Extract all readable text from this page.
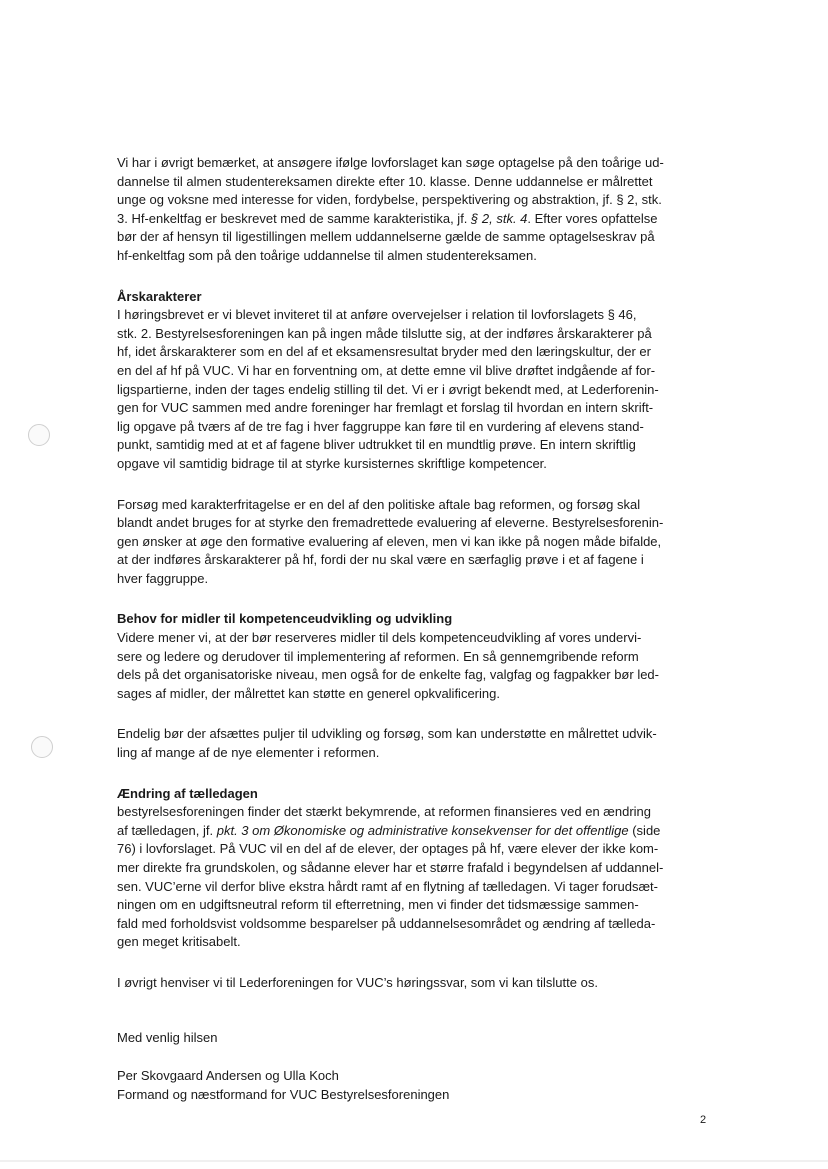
Vi har i øvrigt bemærket, at ansøgere ifølge lovforslaget kan søge optagelse på den toårige ud-
dannelse til almen studentereksamen direkte efter 10. klasse. Denne uddannelse er målrettet
unge og voksne med interesse for viden, fordybelse, perspektivering og abstraktion, jf. § 2, stk.
3. Hf-enkeltfag er beskrevet med de samme karakteristika, jf. § 2, stk. 4. Efter vores opfattelse
bør der af hensyn til ligestillingen mellem uddannelserne gælde de samme optagelseskrav på
hf-enkeltfag som på den toårige uddannelse til almen studentereksamen.
Årskarakterer
I høringsbrevet er vi blevet inviteret til at anføre overvejelser i relation til lovforslagets § 46,
stk. 2. Bestyrelsesforeningen kan på ingen måde tilslutte sig, at der indføres årskarakterer på
hf, idet årskarakterer som en del af et eksamensresultat bryder med den læringskultur, der er
en del af hf på VUC. Vi har en forventning om, at dette emne vil blive drøftet indgående af for-
ligspartierne, inden der tages endelig stilling til det. Vi er i øvrigt bekendt med, at Lederforenin-
gen for VUC sammen med andre foreninger har fremlagt et forslag til hvordan en intern skrift-
lig opgave på tværs af de tre fag i hver faggruppe kan føre til en vurdering af elevens stand-
punkt, samtidig med at et af fagene bliver udtrukket til en mundtlig prøve. En intern skriftlig
opgave vil samtidig bidrage til at styrke kursisternes skriftlige kompetencer.
Forsøg med karakterfritagelse er en del af den politiske aftale bag reformen, og forsøg skal
blandt andet bruges for at styrke den fremadrettede evaluering af eleverne. Bestyrelsesforenin-
gen ønsker at øge den formative evaluering af eleven, men vi kan ikke på nogen måde bifalde,
at der indføres årskarakterer på hf, fordi der nu skal være en særfaglig prøve i et af fagene i
hver faggruppe.
Behov for midler til kompetenceudvikling og udvikling
Videre mener vi, at der bør reserveres midler til dels kompetenceudvikling af vores undervi-
sere og ledere og derudover til implementering af reformen. En så gennemgribende reform
dels på det organisatoriske niveau, men også for de enkelte fag, valgfag og fagpakker bør led-
sages af midler, der målrettet kan støtte en generel opkvalificering.
Endelig bør der afsættes puljer til udvikling og forsøg, som kan understøtte en målrettet udvik-
ling af mange af de nye elementer i reformen.
Ændring af tælledagen
bestyrelsesforeningen finder det stærkt bekymrende, at reformen finansieres ved en ændring
af tælledagen, jf. pkt. 3 om Økonomiske og administrative konsekvenser for det offentlige (side
76) i lovforslaget. På VUC vil en del af de elever, der optages på hf, være elever der ikke kom-
mer direkte fra grundskolen, og sådanne elever har et større frafald i begyndelsen af uddannel-
sen. VUC’erne vil derfor blive ekstra hårdt ramt af en flytning af tælledagen. Vi tager forudsæt-
ningen om en udgiftsneutral reform til efterretning, men vi finder det tidsmæssige sammen-
fald med forholdsvist voldsomme besparelser på uddannelsesområdet og ændring af tælleda-
gen meget kritisabelt.
I øvrigt henviser vi til Lederforeningen for VUC’s høringssvar, som vi kan tilslutte os.
Med venlig hilsen
Per Skovgaard Andersen og Ulla Koch
Formand og næstformand for VUC Bestyrelsesforeningen
2
